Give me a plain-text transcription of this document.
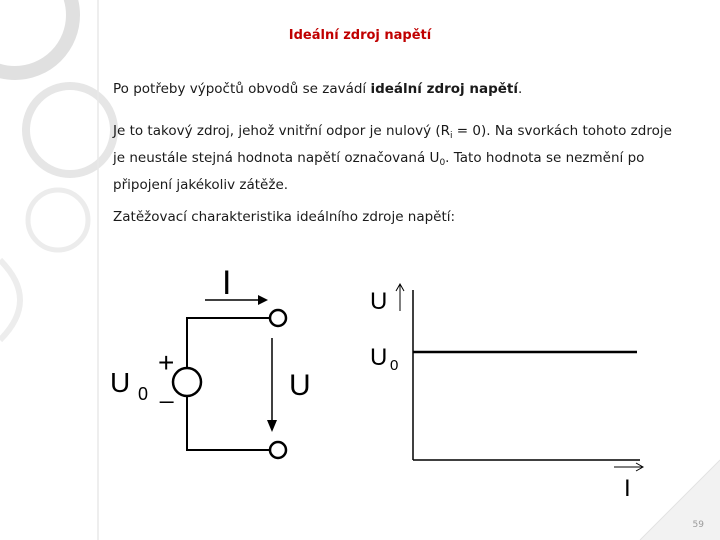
Ideální zdroj napětí
Po potřeby výpočtů obvodů se zavádí ideální zdroj napětí.
Je to takový zdroj, jehož vnitřní odpor je nulový $(R_i = 0)$. Na svorkách tohoto zdroje je neustále stejná hodnota napětí označovaná $U_0$. Tato hodnota se nezmění po připojení jakékoliv zátěže.
Zatěžovací charakteristika ideálního zdroje napětí:
I
U 0
+
_	U
U
U 0
I
59
